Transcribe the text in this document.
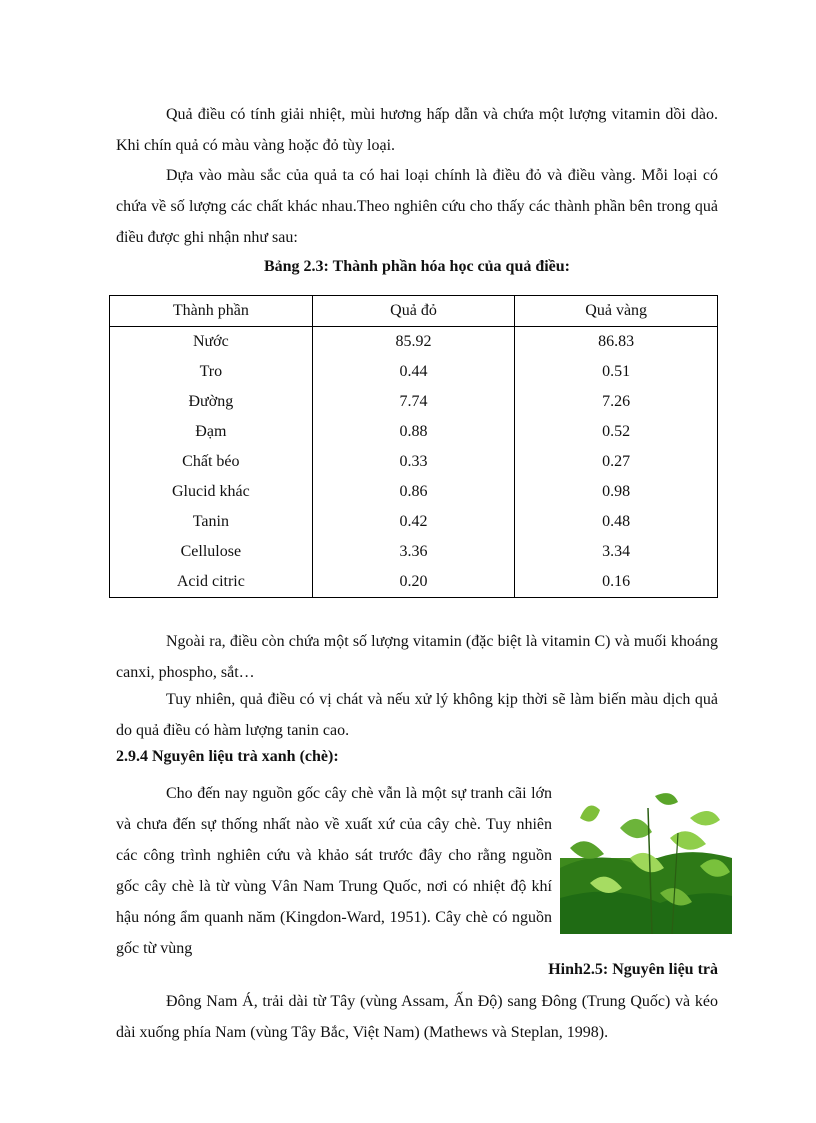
Quả điều có tính giải nhiệt, mùi hương hấp dẫn và chứa một lượng vitamin dồi dào. Khi chín quả có màu vàng hoặc đỏ tùy loại.

Dựa vào màu sắc của quả ta có hai loại chính là điều đỏ và điều vàng. Mỗi loại có chứa về số lượng các chất khác nhau.Theo nghiên cứu cho thấy các thành phần bên trong quả điều được ghi nhận như sau:

Bảng 2.3: Thành phần hóa học của quả điều:
Thành phần	Quả đỏ	Quả vàng
Nước	85.92	86.83
Tro	0.44	0.51
Đường	7.74	7.26
Đạm	0.88	0.52
Chất béo	0.33	0.27
Glucid khác	0.86	0.98
Tanin	0.42	0.48
Cellulose	3.36	3.34
Acid citric	0.20	0.16

Ngoài ra, điều còn chứa một số lượng vitamin (đặc biệt là vitamin C) và muối khoáng canxi, phospho, sắt…

Tuy nhiên, quả điều có vị chát và nếu xử lý không kịp thời sẽ làm biến màu dịch quả do quả điều có hàm lượng tanin cao.

2.9.4 Nguyên liệu trà xanh (chè):

Cho đến nay nguồn gốc cây chè vẫn là một sự tranh cãi lớn và chưa đến sự thống nhất nào về xuất xứ của cây chè. Tuy nhiên các công trình nghiên cứu và khảo sát trước đây cho rằng nguồn gốc cây chè là từ vùng Vân Nam Trung Quốc, nơi có nhiệt độ khí hậu nóng ẩm quanh năm (Kingdon-Ward, 1951). Cây chè có nguồn gốc từ vùng

Hinh2.5: Nguyên liệu trà

Đông Nam Á, trải dài từ Tây (vùng Assam, Ấn Độ) sang Đông (Trung Quốc) và kéo dài xuống phía Nam (vùng Tây Bắc, Việt Nam) (Mathews và Steplan, 1998).
